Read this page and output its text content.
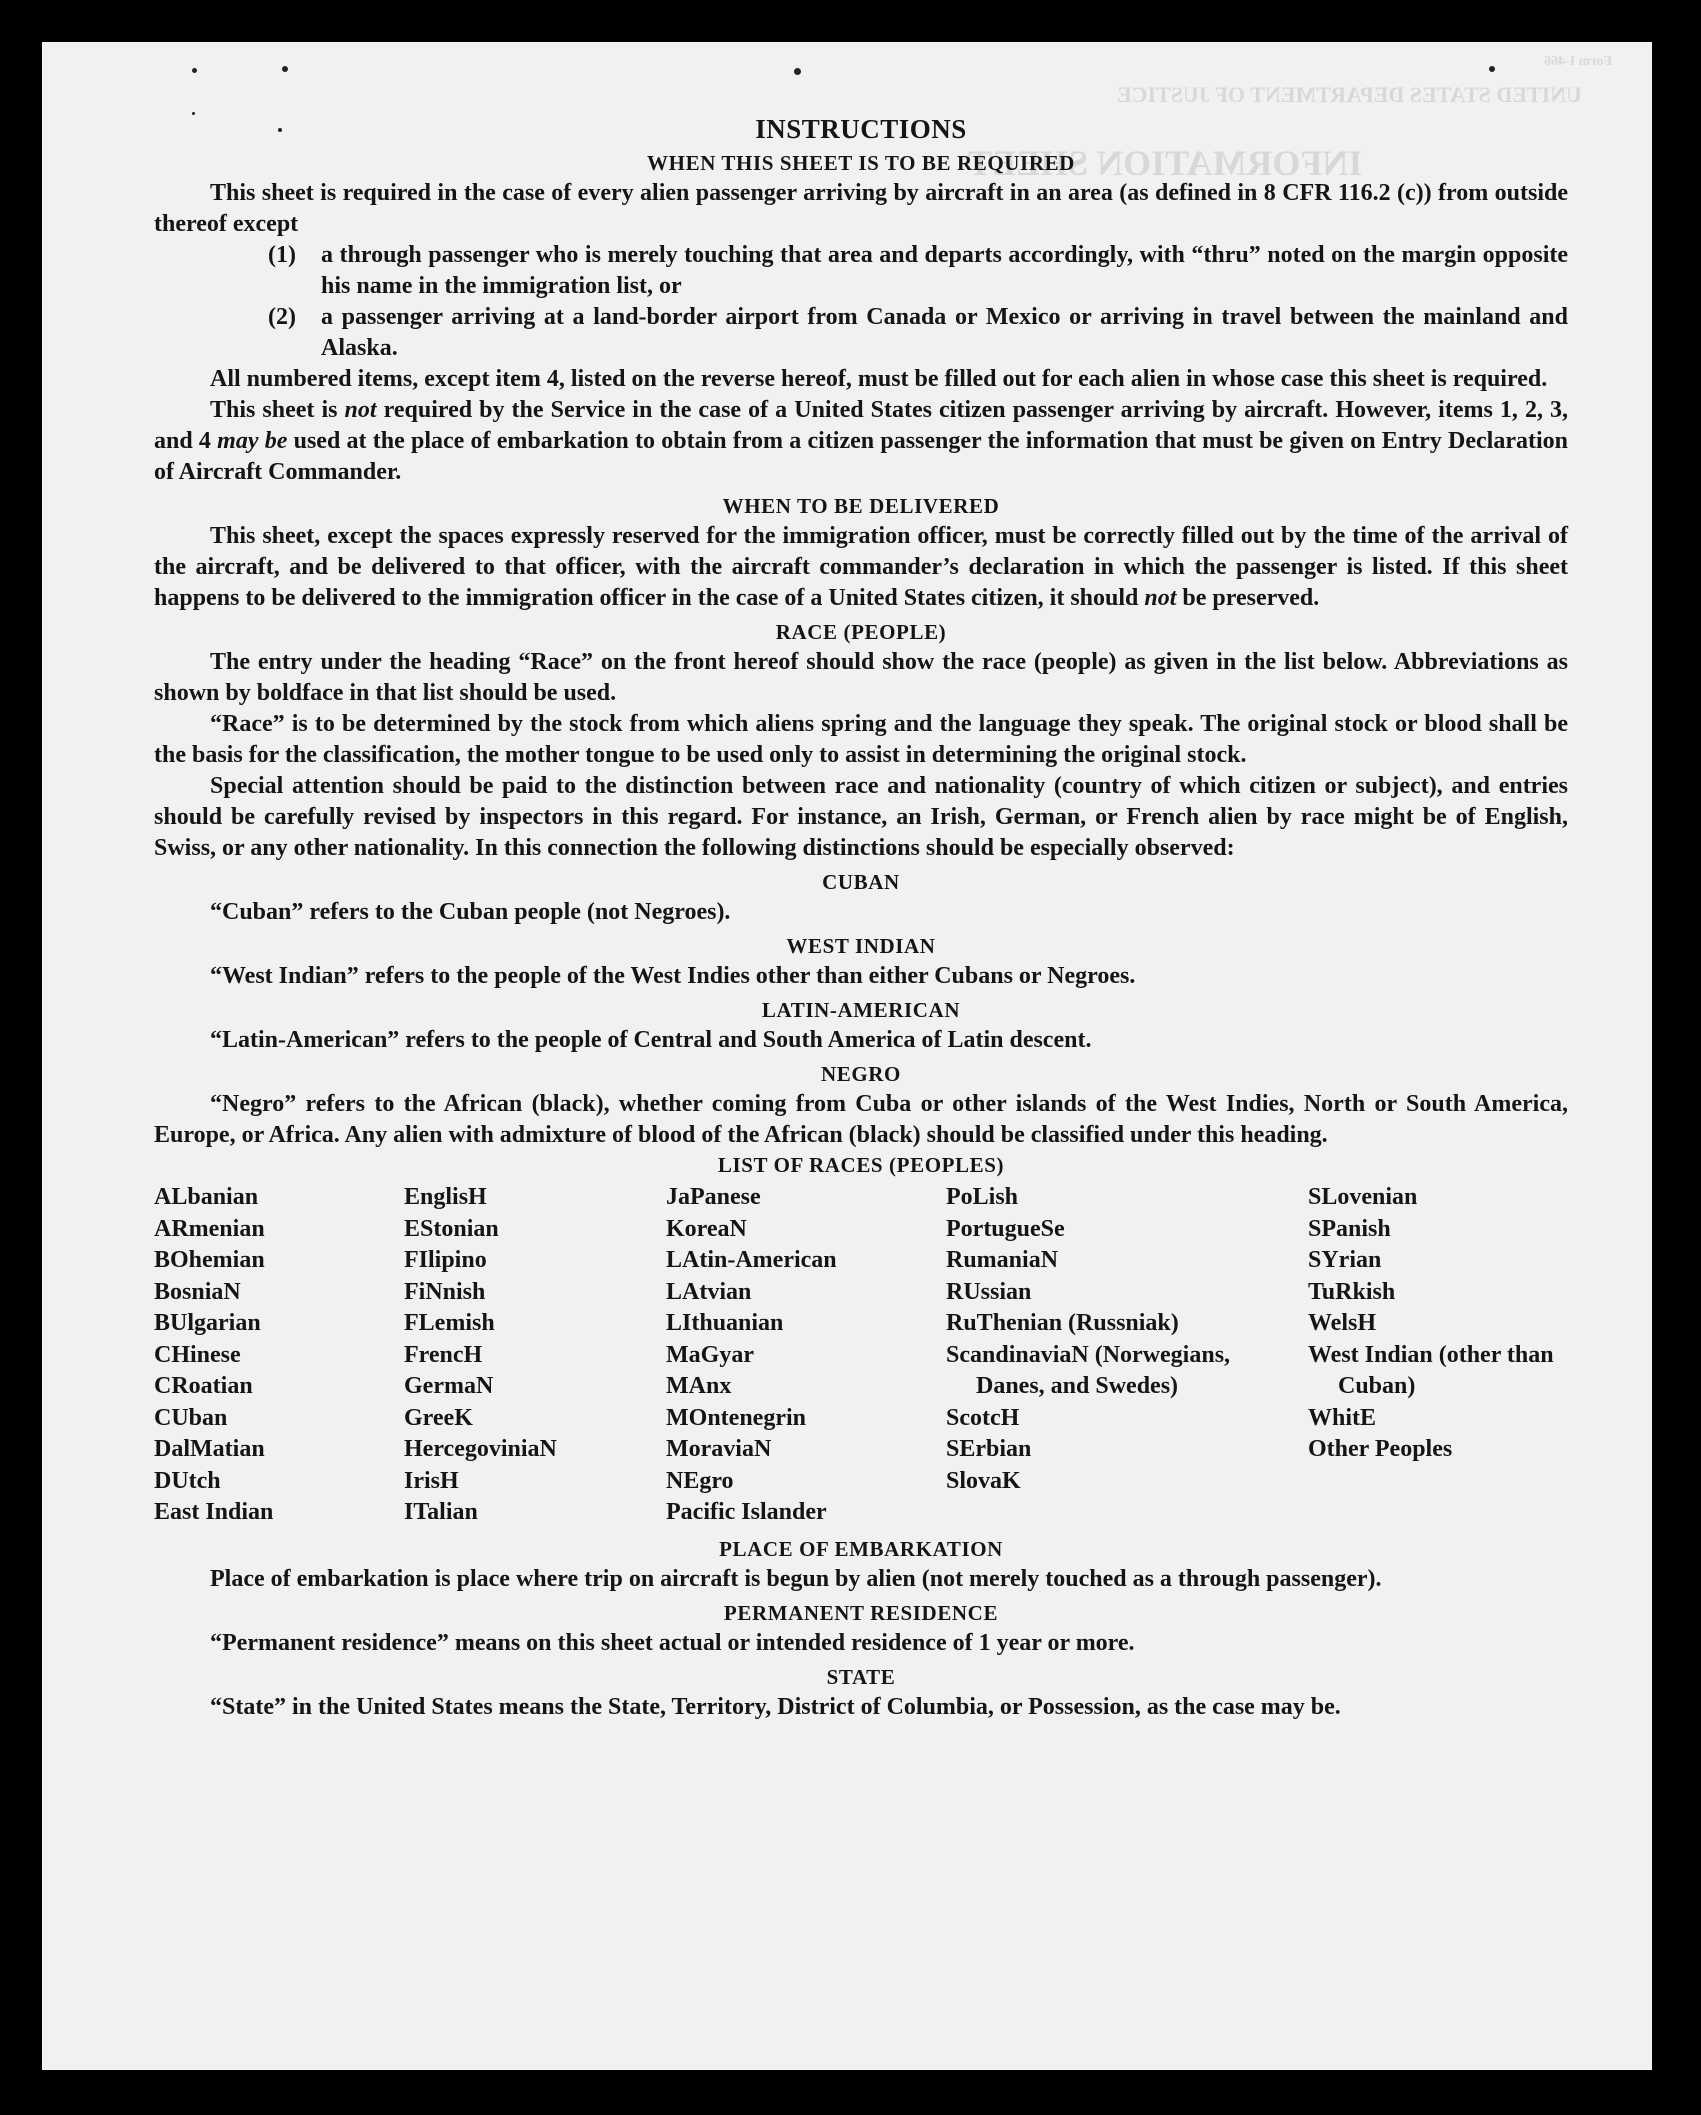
UNITED STATES DEPARTMENT OF JUSTICE
INFORMATION SHEET
Form I-466
INSTRUCTIONS
WHEN THIS SHEET IS TO BE REQUIRED

This sheet is required in the case of every alien passenger arriving by aircraft in an area (as defined in 8 CFR 116.2 (c)) from outside thereof except

(1)	a through passenger who is merely touching that area and departs accordingly, with “thru” noted on the margin opposite his name in the immigration list, or
(2)	a passenger arriving at a land-border airport from Canada or Mexico or arriving in travel between the mainland and Alaska.

All numbered items, except item 4, listed on the reverse hereof, must be filled out for each alien in whose case this sheet is required.

This sheet is not required by the Service in the case of a United States citizen passenger arriving by aircraft. However, items 1, 2, 3, and 4 may be used at the place of embarkation to obtain from a citizen passenger the information that must be given on Entry Declaration of Aircraft Commander.

WHEN TO BE DELIVERED

This sheet, except the spaces expressly reserved for the immigration officer, must be correctly filled out by the time of the arrival of the aircraft, and be delivered to that officer, with the aircraft commander’s declaration in which the passenger is listed. If this sheet happens to be delivered to the immigration officer in the case of a United States citizen, it should not be preserved.

RACE (PEOPLE)

The entry under the heading “Race” on the front hereof should show the race (people) as given in the list below. Abbreviations as shown by boldface in that list should be used.

“Race” is to be determined by the stock from which aliens spring and the language they speak. The original stock or blood shall be the basis for the classification, the mother tongue to be used only to assist in determining the original stock.

Special attention should be paid to the distinction between race and nationality (country of which citizen or subject), and entries should be carefully revised by inspectors in this regard. For instance, an Irish, German, or French alien by race might be of English, Swiss, or any other nationality. In this connection the following distinctions should be especially observed:

CUBAN

“Cuban” refers to the Cuban people (not Negroes).

WEST INDIAN

“West Indian” refers to the people of the West Indies other than either Cubans or Negroes.

LATIN-AMERICAN

“Latin-American” refers to the people of Central and South America of Latin descent.

NEGRO

“Negro” refers to the African (black), whether coming from Cuba or other islands of the West Indies, North or South America, Europe, or Africa. Any alien with admixture of blood of the African (black) should be classified under this heading.

LIST OF RACES (PEOPLES)
ALbanian
ARmenian
BOhemian
BosniaN
BUlgarian
CHinese
CRoatian
CUban
DalMatian
DUtch
East Indian
EnglisH
EStonian
FIlipino
FiNnish
FLemish
FrencH
GermaN
GreeK
HercegoviniaN
IrisH
ITalian
JaPanese
KoreaN
LAtin-American
LAtvian
LIthuanian
MaGyar
MAnx
MOntenegrin
MoraviaN
NEgro
Pacific Islander
PoLish
PortugueSe
RumaniaN
RUssian
RuThenian (Russniak)
ScandinaviaN (Norwegians, Danes, and Swedes)
ScotcH
SErbian
SlovaK
SLovenian
SPanish
SYrian
TuRkish
WelsH
West Indian (other than Cuban)
WhitE
Other Peoples
PLACE OF EMBARKATION

Place of embarkation is place where trip on aircraft is begun by alien (not merely touched as a through passenger).

PERMANENT RESIDENCE

“Permanent residence” means on this sheet actual or intended residence of 1 year or more.

STATE

“State” in the United States means the State, Territory, District of Columbia, or Possession, as the case may be.
